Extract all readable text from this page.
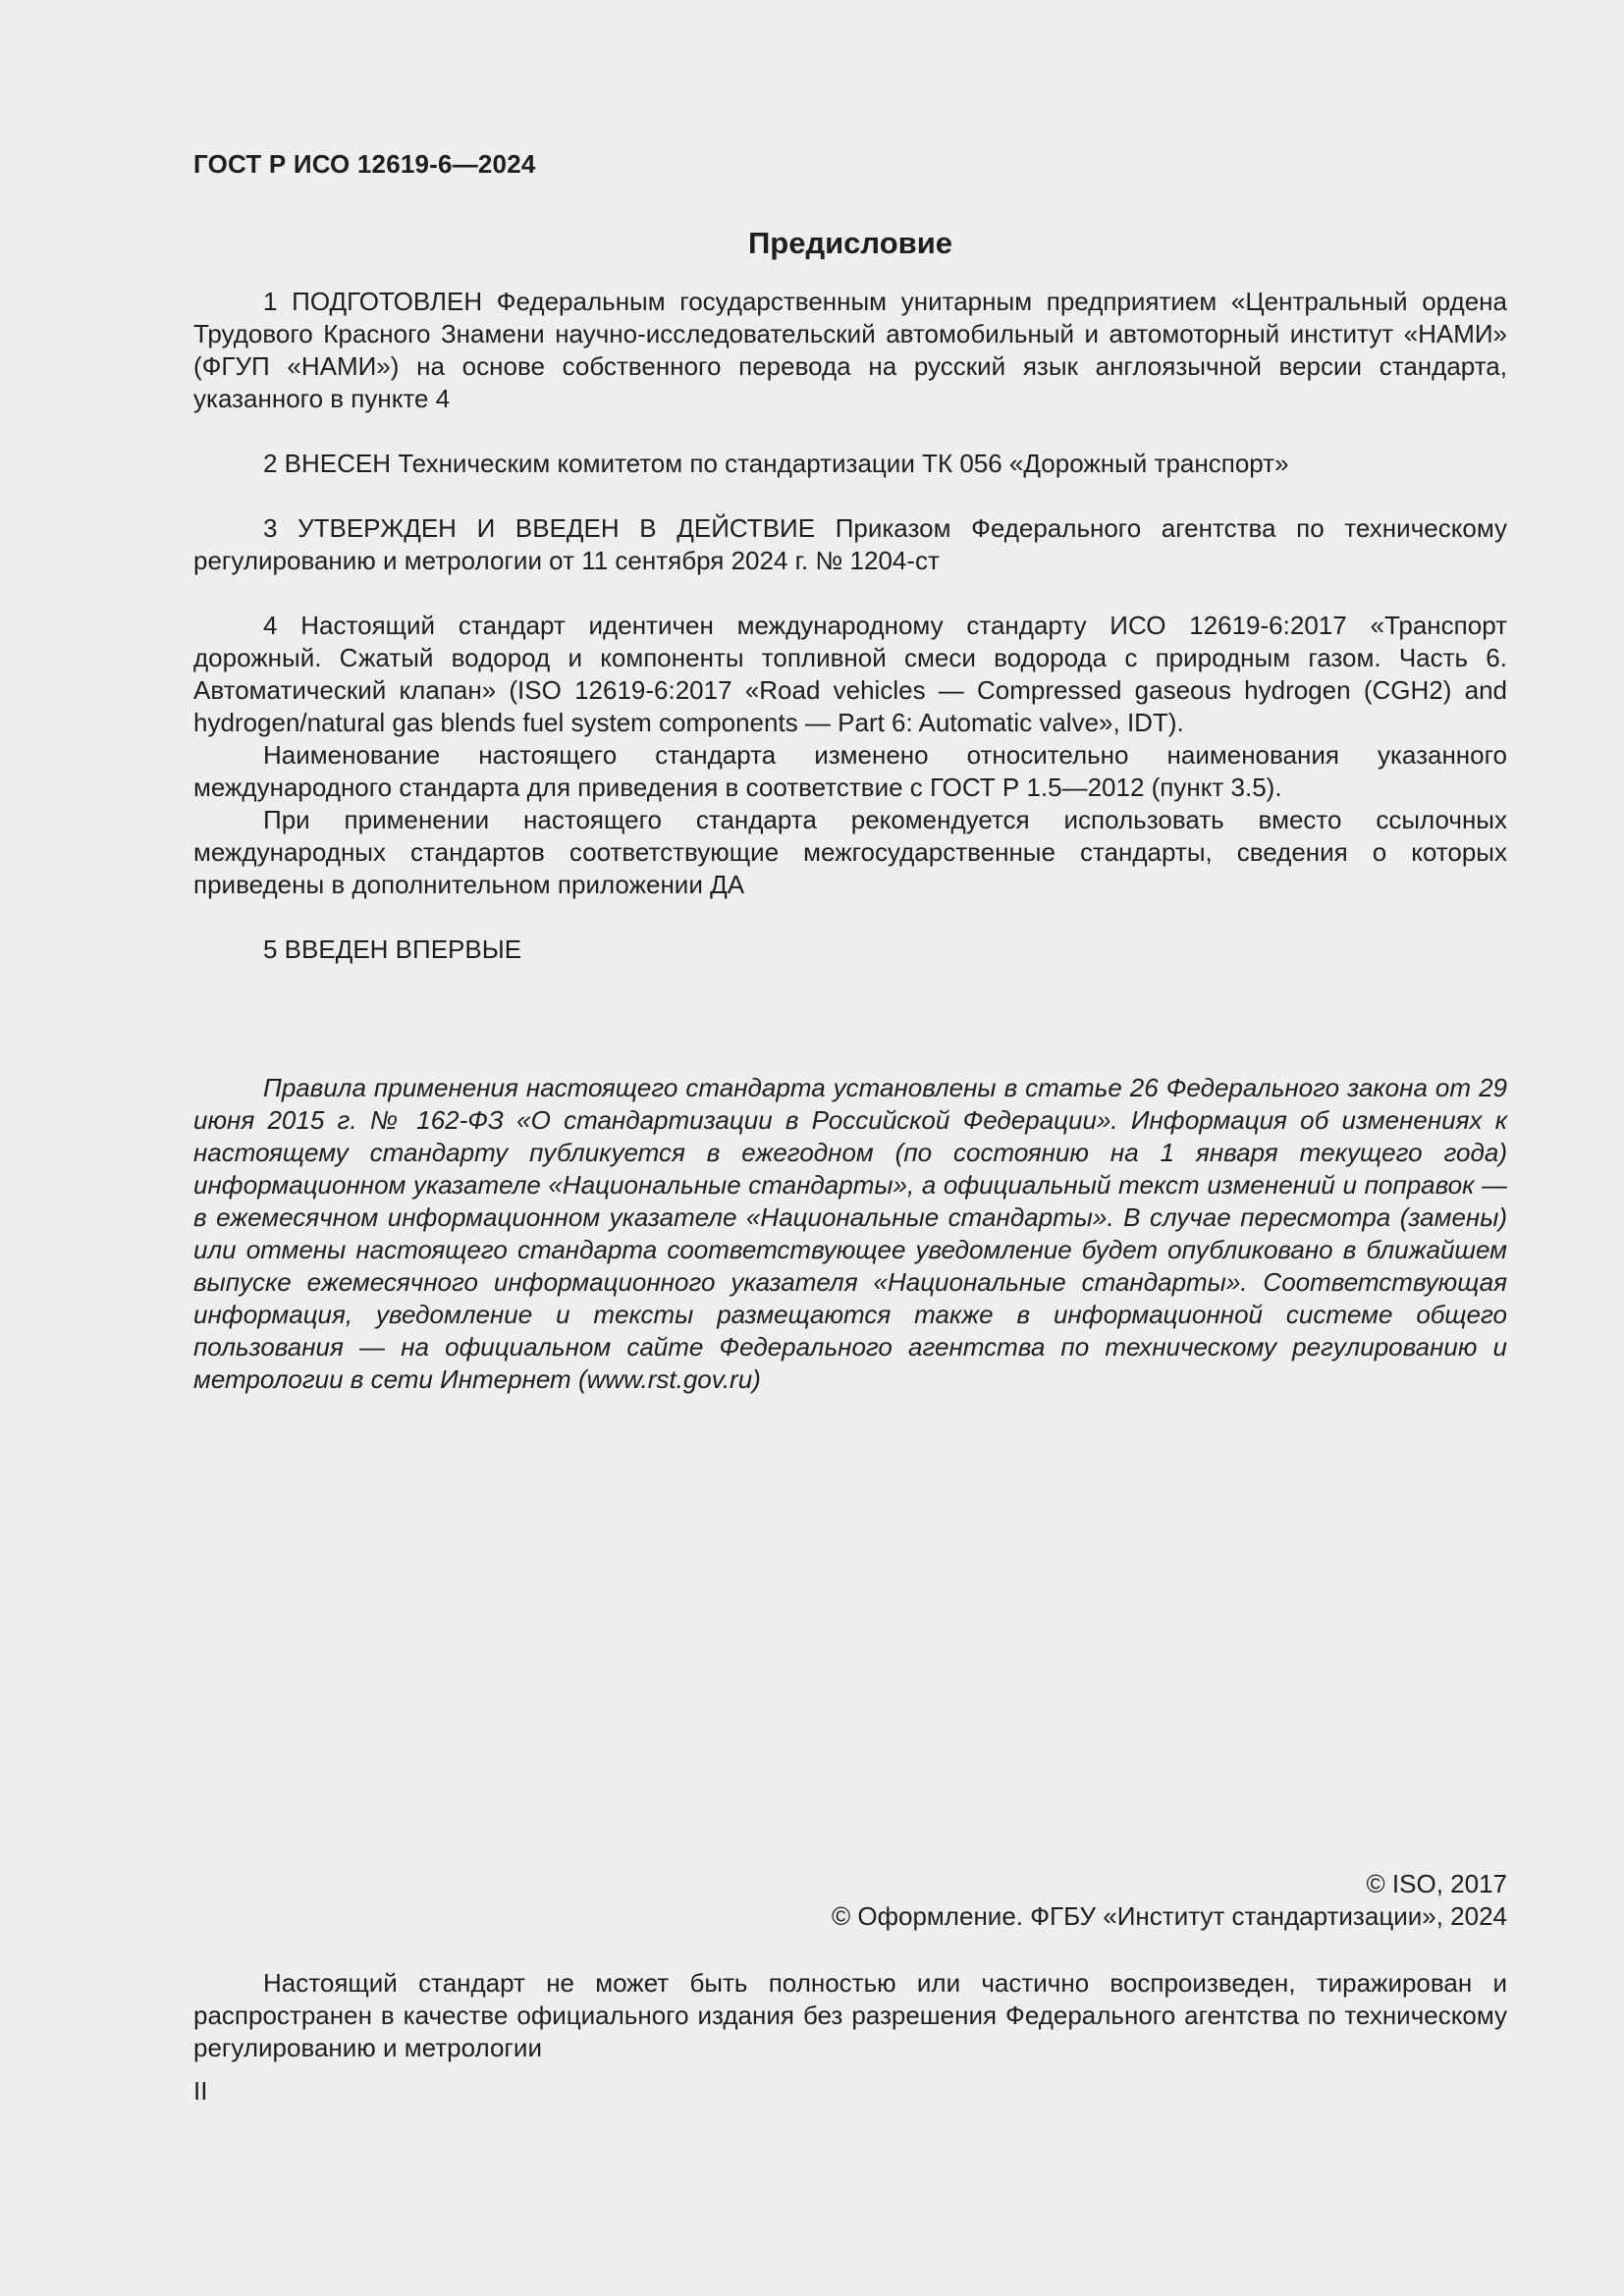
ГОСТ Р ИСО 12619-6—2024
Предисловие

1 ПОДГОТОВЛЕН Федеральным государственным унитарным предприятием «Центральный ордена Трудового Красного Знамени научно-исследовательский автомобильный и автомоторный институт «НАМИ» (ФГУП «НАМИ») на основе собственного перевода на русский язык англоязычной версии стандарта, указанного в пункте 4

2 ВНЕСЕН Техническим комитетом по стандартизации ТК 056 «Дорожный транспорт»

3 УТВЕРЖДЕН И ВВЕДЕН В ДЕЙСТВИЕ Приказом Федерального агентства по техническому регулированию и метрологии от 11 сентября 2024 г. № 1204-ст

4 Настоящий стандарт идентичен международному стандарту ИСО 12619-6:2017 «Транспорт дорожный. Сжатый водород и компоненты топливной смеси водорода с природным газом. Часть 6. Автоматический клапан» (ISO 12619-6:2017 «Road vehicles — Compressed gaseous hydrogen (CGH2) and hydrogen/natural gas blends fuel system components — Part 6: Automatic valve», IDT).

Наименование настоящего стандарта изменено относительно наименования указанного международного стандарта для приведения в соответствие с ГОСТ Р 1.5—2012 (пункт 3.5).

При применении настоящего стандарта рекомендуется использовать вместо ссылочных международных стандартов соответствующие межгосударственные стандарты, сведения о которых приведены в дополнительном приложении ДА

5 ВВЕДЕН ВПЕРВЫЕ

Правила применения настоящего стандарта установлены в статье 26 Федерального закона от 29 июня 2015 г. № 162-ФЗ «О стандартизации в Российской Федерации». Информация об изменениях к настоящему стандарту публикуется в ежегодном (по состоянию на 1 января текущего года) информационном указателе «Национальные стандарты», а официальный текст изменений и поправок — в ежемесячном информационном указателе «Национальные стандарты». В случае пересмотра (замены) или отмены настоящего стандарта соответствующее уведомление будет опубликовано в ближайшем выпуске ежемесячного информационного указателя «Национальные стандарты». Соответствующая информация, уведомление и тексты размещаются также в информационной системе общего пользования — на официальном сайте Федерального агентства по техническому регулированию и метрологии в сети Интернет (www.rst.gov.ru)

© ISO, 2017
© Оформление. ФГБУ «Институт стандартизации», 2024

Настоящий стандарт не может быть полностью или частично воспроизведен, тиражирован и распространен в качестве официального издания без разрешения Федерального агентства по техническому регулированию и метрологии

II
